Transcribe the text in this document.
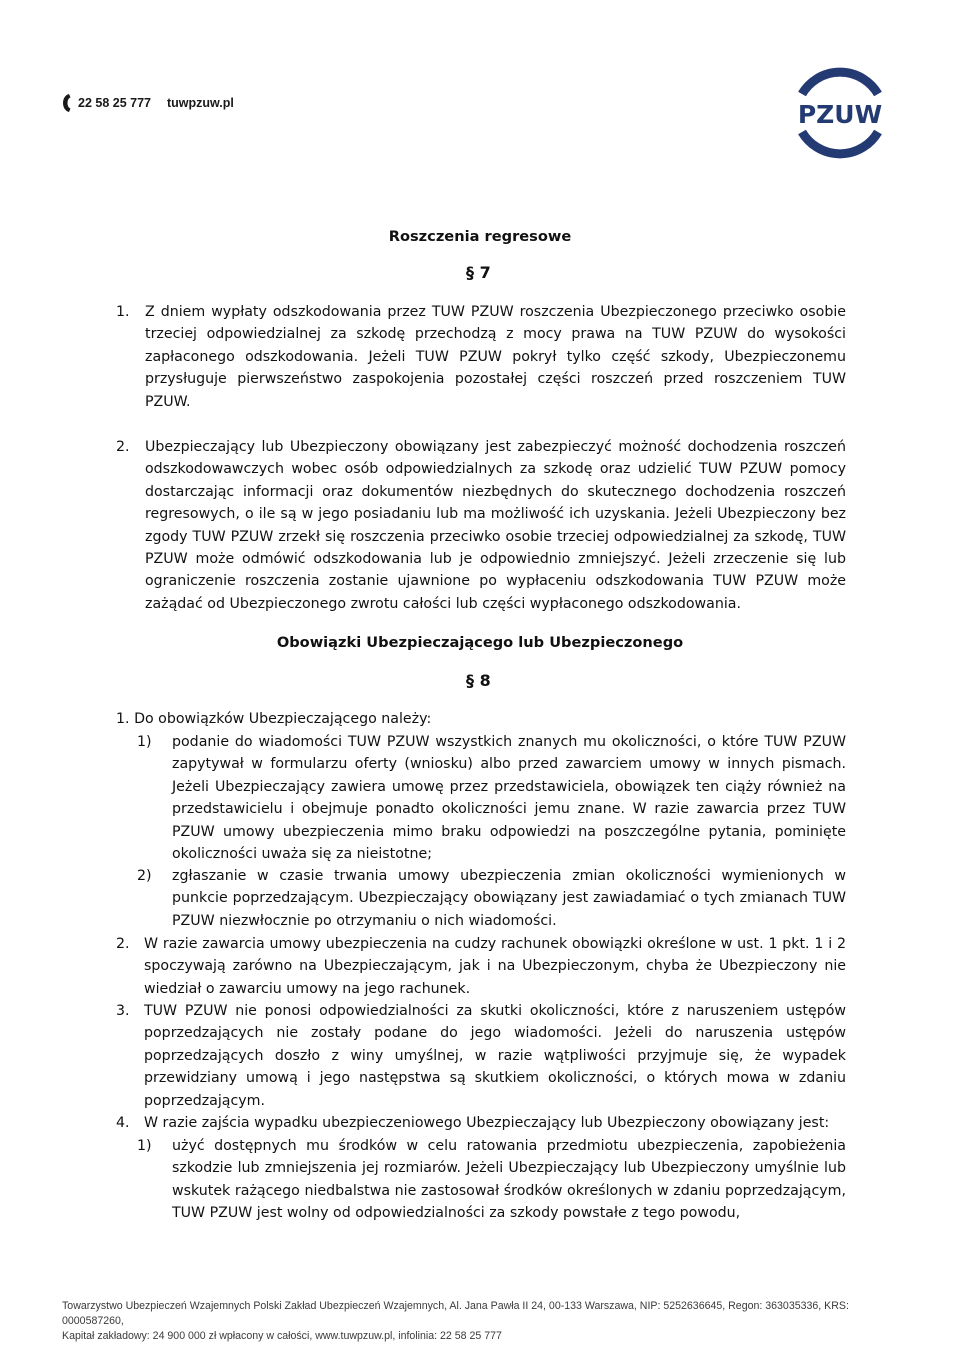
22 58 25 777 tuwpzuw.pl	PZUW
Roszczenia regresowe
§ 7
1. Z dniem wypłaty odszkodowania przez TUW PZUW roszczenia Ubezpieczonego przeciwko osobie trzeciej odpowiedzialnej za szkodę przechodzą z mocy prawa na TUW PZUW do wysokości zapłaconego odszkodowania. Jeżeli TUW PZUW pokrył tylko część szkody, Ubezpieczonemu przysługuje pierwszeństwo zaspokojenia pozostałej części roszczeń przed roszczeniem TUW PZUW.
2. Ubezpieczający lub Ubezpieczony obowiązany jest zabezpieczyć możność dochodzenia roszczeń odszkodowawczych wobec osób odpowiedzialnych za szkodę oraz udzielić TUW PZUW pomocy dostarczając informacji oraz dokumentów niezbędnych do skutecznego dochodzenia roszczeń regresowych, o ile są w jego posiadaniu lub ma możliwość ich uzyskania. Jeżeli Ubezpieczony bez zgody TUW PZUW zrzekł się roszczenia przeciwko osobie trzeciej odpowiedzialnej za szkodę, TUW PZUW może odmówić odszkodowania lub je odpowiednio zmniejszyć. Jeżeli zrzeczenie się lub ograniczenie roszczenia zostanie ujawnione po wypłaceniu odszkodowania TUW PZUW może zażądać od Ubezpieczonego zwrotu całości lub części wypłaconego odszkodowania.
Obowiązki Ubezpieczającego lub Ubezpieczonego
§ 8
1. Do obowiązków Ubezpieczającego należy:
1) podanie do wiadomości TUW PZUW wszystkich znanych mu okoliczności, o które TUW PZUW zapytywał w formularzu oferty (wniosku) albo przed zawarciem umowy w innych pismach. Jeżeli Ubezpieczający zawiera umowę przez przedstawiciela, obowiązek ten ciąży również na przedstawicielu i obejmuje ponadto okoliczności jemu znane. W razie zawarcia przez TUW PZUW umowy ubezpieczenia mimo braku odpowiedzi na poszczególne pytania, pominięte okoliczności uważa się za nieistotne;
2) zgłaszanie w czasie trwania umowy ubezpieczenia zmian okoliczności wymienionych w punkcie poprzedzającym. Ubezpieczający obowiązany jest zawiadamiać o tych zmianach TUW PZUW niezwłocznie po otrzymaniu o nich wiadomości.
2. W razie zawarcia umowy ubezpieczenia na cudzy rachunek obowiązki określone w ust. 1 pkt. 1 i 2 spoczywają zarówno na Ubezpieczającym, jak i na Ubezpieczonym, chyba że Ubezpieczony nie wiedział o zawarciu umowy na jego rachunek.
3. TUW PZUW nie ponosi odpowiedzialności za skutki okoliczności, które z naruszeniem ustępów poprzedzających nie zostały podane do jego wiadomości. Jeżeli do naruszenia ustępów poprzedzających doszło z winy umyślnej, w razie wątpliwości przyjmuje się, że wypadek przewidziany umową i jego następstwa są skutkiem okoliczności, o których mowa w zdaniu poprzedzającym.
4. W razie zajścia wypadku ubezpieczeniowego Ubezpieczający lub Ubezpieczony obowiązany jest:
1) użyć dostępnych mu środków w celu ratowania przedmiotu ubezpieczenia, zapobieżenia szkodzie lub zmniejszenia jej rozmiarów. Jeżeli Ubezpieczający lub Ubezpieczony umyślnie lub wskutek rażącego niedbalstwa nie zastosował środków określonych w zdaniu poprzedzającym, TUW PZUW jest wolny od odpowiedzialności za szkody powstałe z tego powodu,
Towarzystwo Ubezpieczeń Wzajemnych Polski Zakład Ubezpieczeń Wzajemnych, Al. Jana Pawła II 24, 00-133 Warszawa, NIP: 5252636645, Regon: 363035336, KRS: 0000587260,
Kapitał zakładowy: 24 900 000 zł wpłacony w całości, www.tuwpzuw.pl, infolinia: 22 58 25 777
